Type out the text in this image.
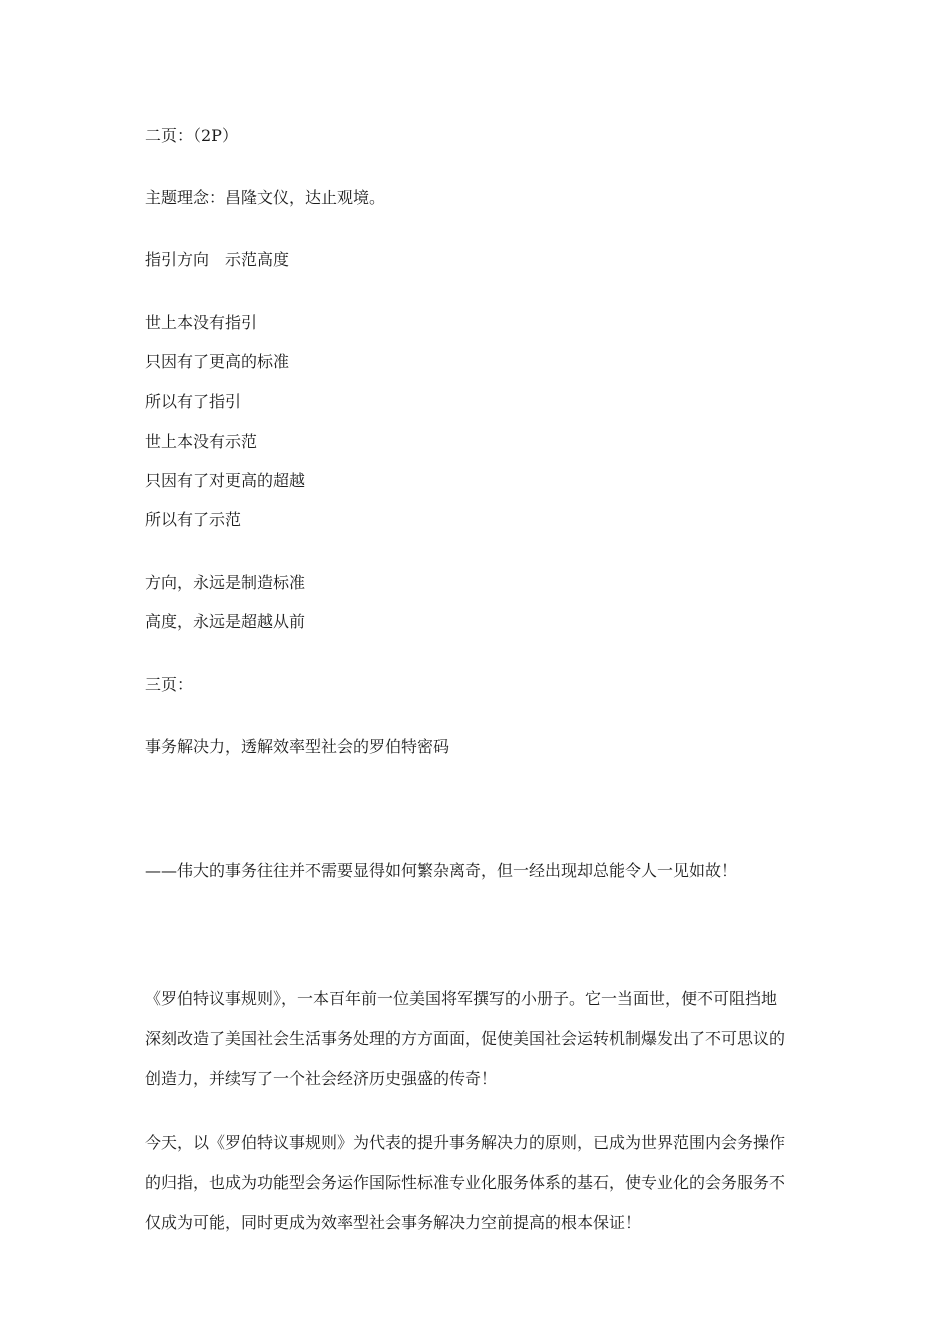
二页：（2P）
主题理念：昌隆文仪，达止观境。
指引方向　示范高度
世上本没有指引
只因有了更高的标准
所以有了指引
世上本没有示范
只因有了对更高的超越
所以有了示范
方向，永远是制造标准
高度，永远是超越从前
三页：
事务解决力，透解效率型社会的罗伯特密码
——伟大的事务往往并不需要显得如何繁杂离奇，但一经出现却总能令人一见如故！
《罗伯特议事规则》，一本百年前一位美国将军撰写的小册子。它一当面世，便不可阻挡地
深刻改造了美国社会生活事务处理的方方面面，促使美国社会运转机制爆发出了不可思议的
创造力，并续写了一个社会经济历史强盛的传奇！
今天，以《罗伯特议事规则》为代表的提升事务解决力的原则，已成为世界范围内会务操作
的归指，也成为功能型会务运作国际性标准专业化服务体系的基石，使专业化的会务服务不
仅成为可能，同时更成为效率型社会事务解决力空前提高的根本保证！
